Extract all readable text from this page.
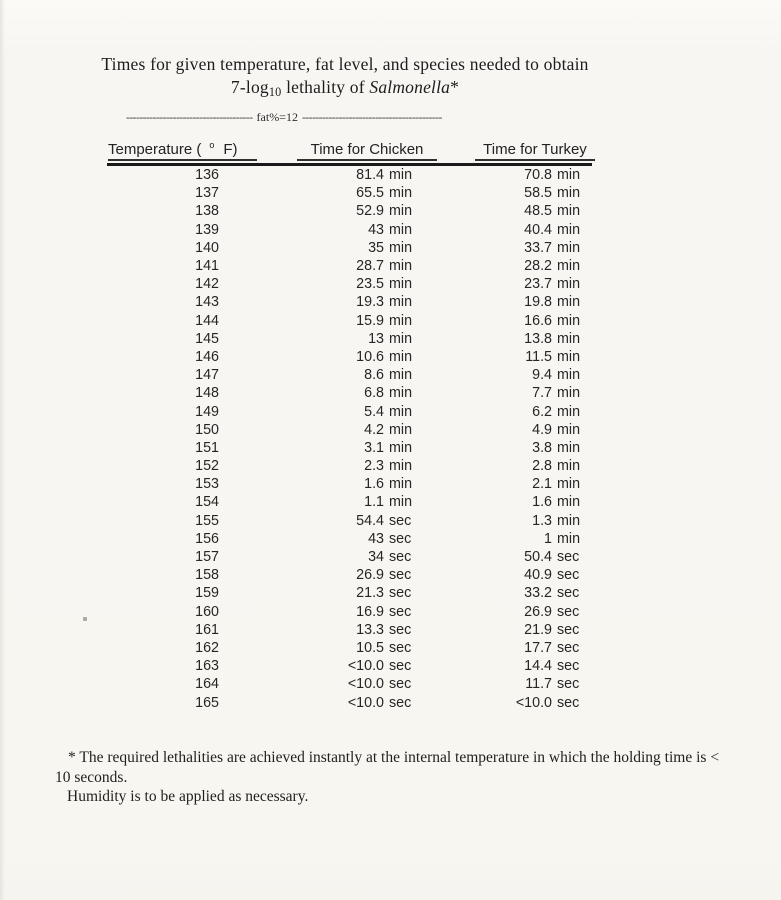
Times for given temperature, fat level, and species needed to obtain
$7-\log_{10}$ lethality of Salmonella*
-------------------------------------- fat%=12 ------------------------------------------
Temperature ( o F)	Time for Chicken	Time for Turkey
136	81.4 min	70.8 min
137	65.5 min	58.5 min
138	52.9 min	48.5 min
139	43 min	40.4 min
140	35 min	33.7 min
141	28.7 min	28.2 min
142	23.5 min	23.7 min
143	19.3 min	19.8 min
144	15.9 min	16.6 min
145	13 min	13.8 min
146	10.6 min	11.5 min
147	8.6 min	9.4 min
148	6.8 min	7.7 min
149	5.4 min	6.2 min
150	4.2 min	4.9 min
151	3.1 min	3.8 min
152	2.3 min	2.8 min
153	1.6 min	2.1 min
154	1.1 min	1.6 min
155	54.4 sec	1.3 min
156	43 sec	1 min
157	34 sec	50.4 sec
158	26.9 sec	40.9 sec
159	21.3 sec	33.2 sec
160	16.9 sec	26.9 sec
161	13.3 sec	21.9 sec
162	10.5 sec	17.7 sec
163	<10.0 sec	14.4 sec
164	<10.0 sec	11.7 sec
165	<10.0 sec	<10.0 sec
* The required lethalities are achieved instantly at the internal temperature in which the holding time is <
10 seconds.
Humidity is to be applied as necessary.
